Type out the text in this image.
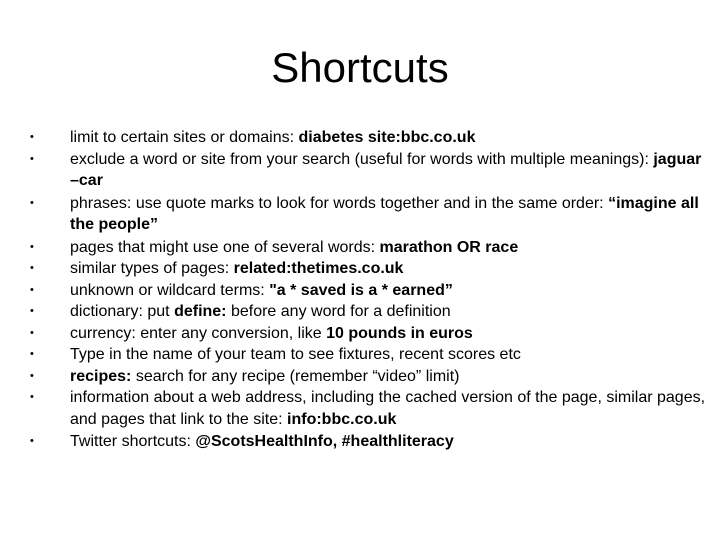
Shortcuts
•	limit to certain sites or domains: diabetes site:bbc.co.uk
•	exclude a word or site from your search (useful for words with multiple meanings): jaguar –car
•	phrases: use quote marks to look for words together and in the same order: “imagine all the people”
•	pages that might use one of several words: marathon OR race
•	similar types of pages: related:thetimes.co.uk
•	unknown or wildcard terms: "a * saved is a * earned”
•	dictionary: put define: before any word for a definition
•	currency: enter any conversion, like 10 pounds in euros
•	Type in the name of your team to see fixtures, recent scores etc
•	recipes: search for any recipe (remember “video” limit)
•	information about a web address, including the cached version of the page, similar pages, and pages that link to the site: info:bbc.co.uk
•	Twitter shortcuts: @ScotsHealthInfo, #healthliteracy
